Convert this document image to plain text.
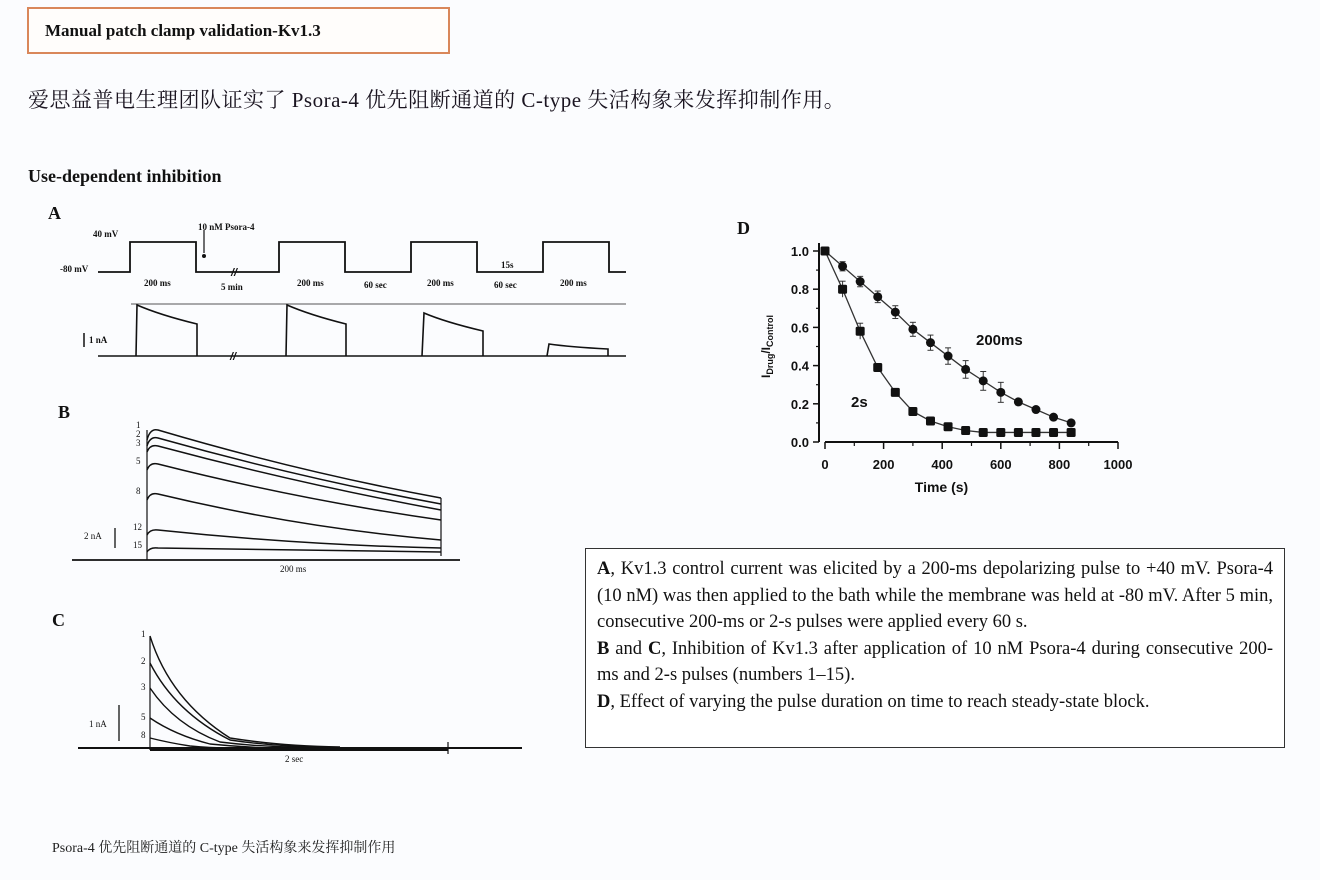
Manual patch clamp validation-Kv1.3
爱思益普电生理团队证实了 Psora-4 优先阻断通道的 C-type 失活构象来发挥抑制作用。
Use-dependent inhibition
A
//
//
40 mV
-80 mV
10 nM Psora-4
200 ms	5 min	200 ms	60 sec	200 ms	60 sec	200 ms
15s
1 nA
B
1
2
3
5
8
12
15
2 nA
200 ms
C
1
2
3
5
8
1 nA
2 sec
D
0.0
0.2
0.4
0.6
0.8
1.0
0	200	400	600	800	1000
Time (s)
$I_{Drug}/I_{Control}$	200ms
2s

A, Kv1.3 control current was elicited by a 200-ms depolarizing pulse to +40 mV. Psora-4 (10 nM) was then applied to the bath while the membrane was held at -80 mV. After 5 min, consecutive 200-ms or 2-s pulses were applied every 60 s.

B and C, Inhibition of Kv1.3 after application of 10 nM Psora-4 during consecutive 200-ms and 2-s pulses (numbers 1–15).

D, Effect of varying the pulse duration on time to reach steady-state block.

Psora-4 优先阻断通道的 C-type 失活构象来发挥抑制作用
